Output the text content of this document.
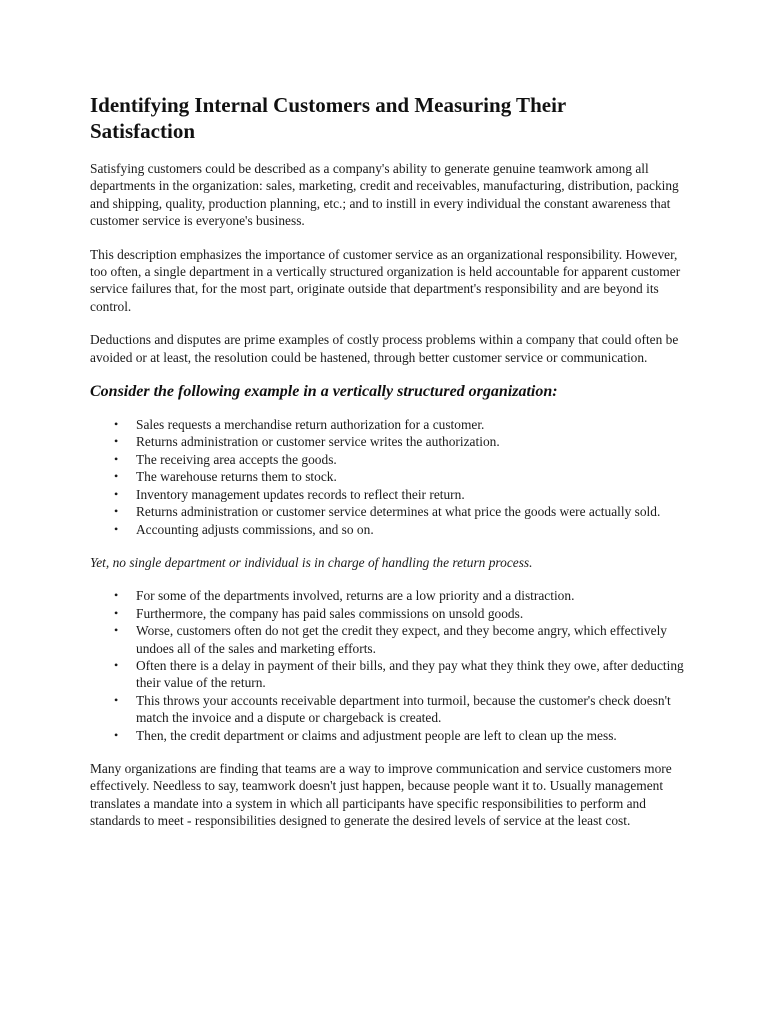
Identifying Internal Customers and Measuring Their Satisfaction

Satisfying customers could be described as a company's ability to generate genuine teamwork among all departments in the organization: sales, marketing, credit and receivables, manufacturing, distribution, packing and shipping, quality, production planning, etc.; and to instill in every individual the constant awareness that customer service is everyone's business.

This description emphasizes the importance of customer service as an organizational responsibility. However, too often, a single department in a vertically structured organization is held accountable for apparent customer service failures that, for the most part, originate outside that department's responsibility and are beyond its control.

Deductions and disputes are prime examples of costly process problems within a company that could often be avoided or at least, the resolution could be hastened, through better customer service or communication.

Consider the following example in a vertically structured organization:
• Sales requests a merchandise return authorization for a customer.
• Returns administration or customer service writes the authorization.
• The receiving area accepts the goods.
• The warehouse returns them to stock.
• Inventory management updates records to reflect their return.
• Returns administration or customer service determines at what price the goods were actually sold.
• Accounting adjusts commissions, and so on.

Yet, no single department or individual is in charge of handling the return process.

• For some of the departments involved, returns are a low priority and a distraction.
• Furthermore, the company has paid sales commissions on unsold goods.
• Worse, customers often do not get the credit they expect, and they become angry, which effectively undoes all of the sales and marketing efforts.
• Often there is a delay in payment of their bills, and they pay what they think they owe, after deducting their value of the return.
• This throws your accounts receivable department into turmoil, because the customer's check doesn't match the invoice and a dispute or chargeback is created.
• Then, the credit department or claims and adjustment people are left to clean up the mess.

Many organizations are finding that teams are a way to improve communication and service customers more effectively. Needless to say, teamwork doesn't just happen, because people want it to. Usually management translates a mandate into a system in which all participants have specific responsibilities to perform and standards to meet - responsibilities designed to generate the desired levels of service at the least cost.
